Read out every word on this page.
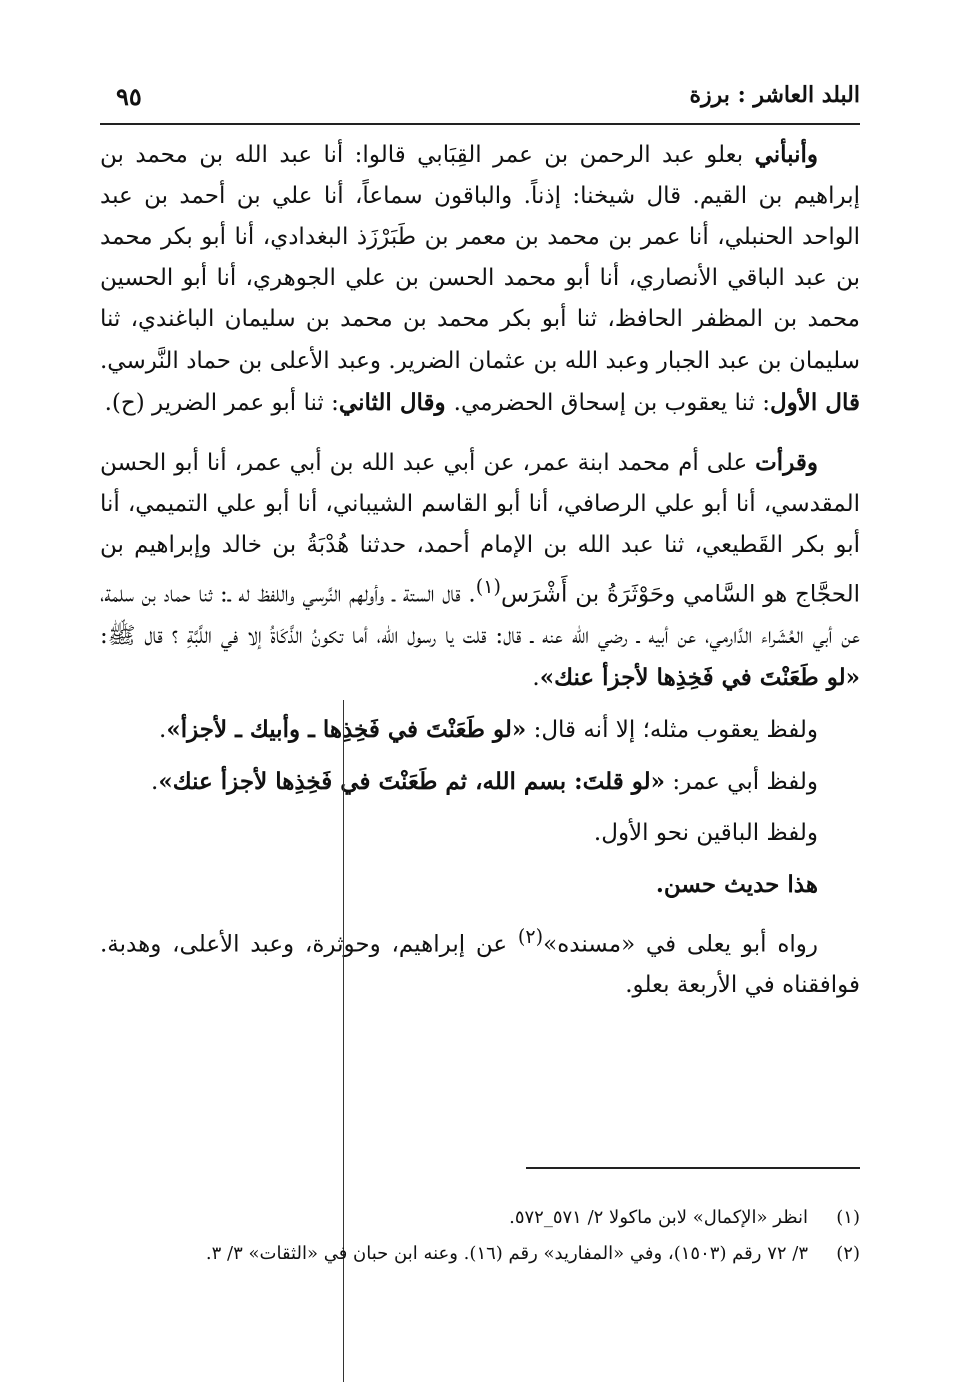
البلد العاشر : برزة
٩٥

وأنبأني بعلو عبد الرحمن بن عمر القِبَابي قالوا: أنا عبد الله بن محمد بن إبراهيم بن القيم. قال شيخنا: إذناً. والباقون سماعاً، أنا علي بن أحمد بن عبد الواحد الحنبلي، أنا عمر بن محمد بن معمر بن طَبَرْزَذ البغدادي، أنا أبو بكر محمد بن عبد الباقي الأنصاري، أنا أبو محمد الحسن بن علي الجوهري، أنا أبو الحسين محمد بن المظفر الحافظ، ثنا أبو بكر محمد بن محمد بن سليمان الباغندي، ثنا سليمان بن عبد الجبار وعبد الله بن عثمان الضرير. وعبد الأعلى بن حماد النَّرسي. قال الأول: ثنا يعقوب بن إسحاق الحضرمي. وقال الثاني: ثنا أبو عمر الضرير (ح).

وقرأت على أم محمد ابنة عمر، عن أبي عبد الله بن أبي عمر، أنا أبو الحسن المقدسي، أنا أبو علي الرصافي، أنا أبو القاسم الشيباني، أنا أبو علي التميمي، أنا أبو بكر القَطيعي، ثنا عبد الله بن الإمام أحمد، حدثنا هُدْبَةُ بن خالد وإبراهيم بن الحجَّاج هو السَّامي وحَوْثَرَةُ بن أَشْرَس$^{(١)}$. قال الستة ـ وأولهم النَّرسي واللفظ له ـ: ثنا حماد بن سلمة، عن أبي العُشَراء الدَّارمي، عن أبيه ـ رضي الله عنه ـ قال: قلت يا رسول الله، أما تكونُ الذَّكَاةُ إلا في اللَّبَّةِ ؟ قال ﷺ: «لو طَعَنْتَ في فَخِذِها لأجزأ عنك».

ولفظ يعقوب مثله؛ إلا أنه قال: «لو طَعَنْتَ في فَخِذِها ـ وأبيك ـ لأجزأ».

ولفظ أبي عمر: «لو قلتَ: بسم الله، ثم طَعَنْتَ في فَخِذِها لأجزأ عنك».

ولفظ الباقين نحو الأول.

هذا حديث حسن.

رواه أبو يعلى في «مسنده»$^{(٢)}$ عن إبراهيم، وحوثرة، وعبد الأعلى، وهدبة. فوافقناه في الأربعة بعلو.

(١)
انظر «الإكمال» لابن ماكولا ٢/ ٥٧١_٥٧٢.
(٢)
٣/ ٧٢ رقم (١٥٠٣)، وفي «المفاريد» رقم (١٦). وعنه ابن حبان في «الثقات» ٣/ ٣.
